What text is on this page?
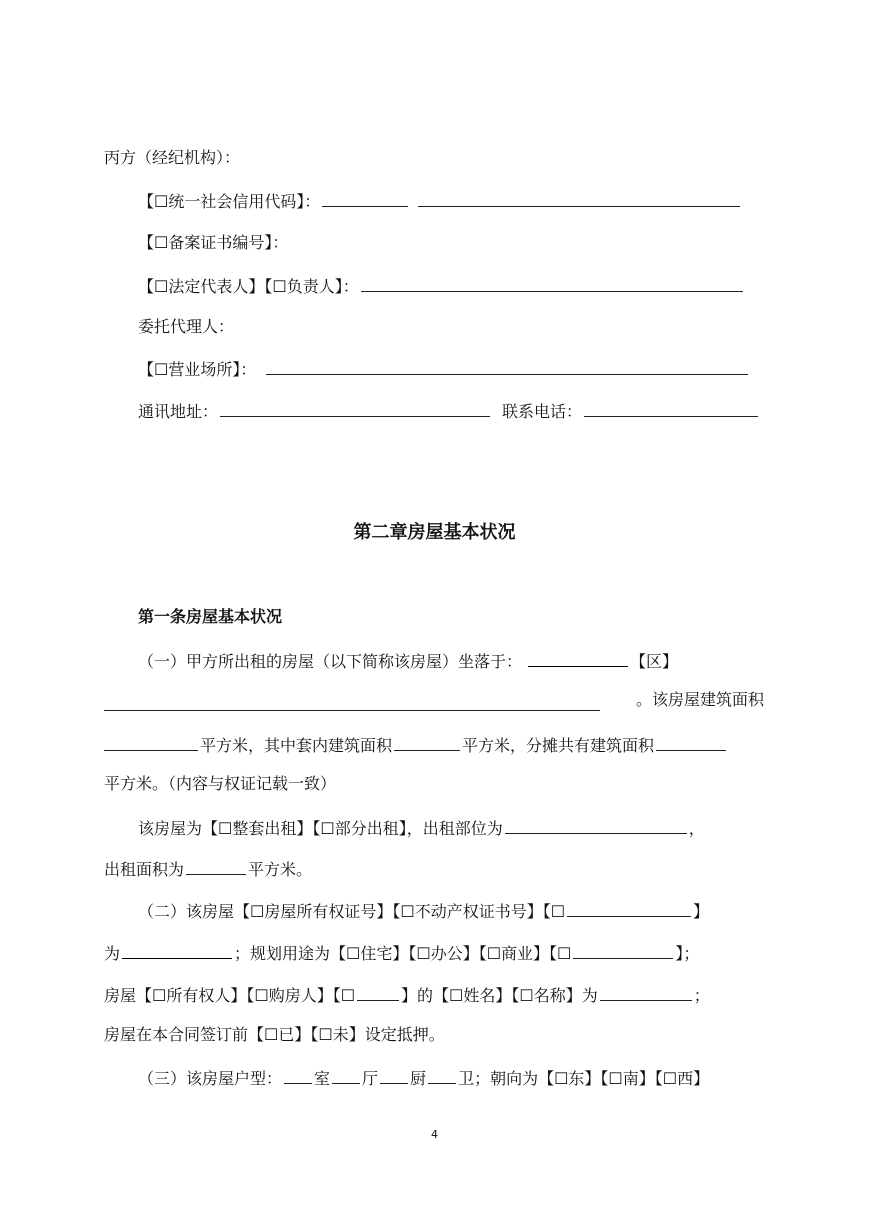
丙方（经纪机构）：
【☐统一社会信用代码】：
【☐备案证书编号】：
【☐法定代表人】【☐负责人】：
委托代理人：
【☐营业场所】：
通讯地址：	联系电话：
第二章房屋基本状况
第一条房屋基本状况
（一）甲方所出租的房屋（以下简称该房屋）坐落于：	【区】
。该房屋建筑面积
平方米，其中套内建筑面积	平方米，分摊共有建筑面积
平方米。（内容与权证记载一致）
该房屋为【☐整套出租】【☐部分出租】，出租部位为	，
出租面积为	平方米。
（二）该房屋【☐房屋所有权证号】【☐不动产权证书号】【☐	】
为	；规划用途为【☐住宅】【☐办公】【☐商业】【☐	】；
房屋【☐所有权人】【☐购房人】【☐	】的【☐姓名】【☐名称】为	；
房屋在本合同签订前【☐已】【☐未】设定抵押。
（三）该房屋户型： 室 厅 厨 卫；朝向为【☐东】【☐南】【☐西】
4
